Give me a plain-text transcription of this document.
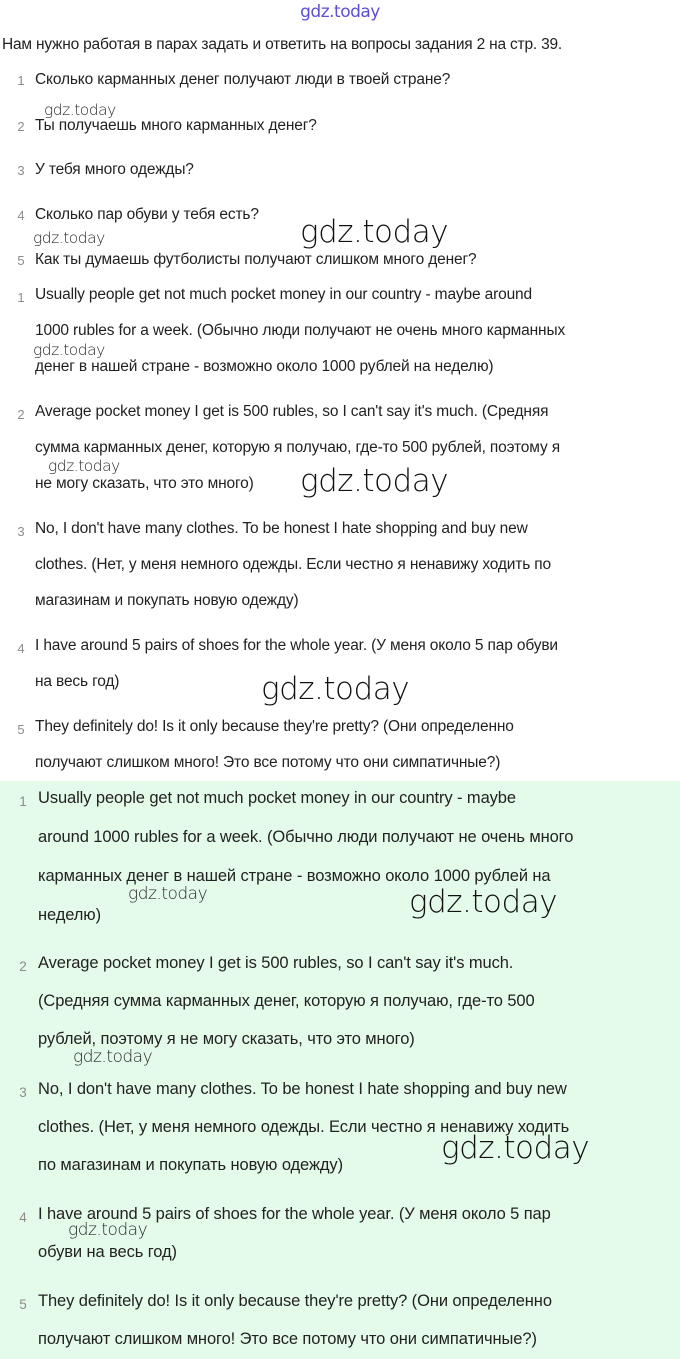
gdz.today
Нам нужно работая в парах задать и ответить на вопросы задания 2 на стр. 39.
1 Сколько карманных денег получают люди в твоей стране?
2 Ты получаешь много карманных денег?
3 У тебя много одежды?
4 Сколько пар обуви у тебя есть?
5 Как ты думаешь футболисты получают слишком много денег?
1 Usually people get not much pocket money in our country - maybe around
1000 rubles for a week. (Обычно люди получают не очень много карманных
денег в нашей стране - возможно около 1000 рублей на неделю)
2 Average pocket money I get is 500 rubles, so I can't say it's much. (Средняя
сумма карманных денег, которую я получаю, где-то 500 рублей, поэтому я
не могу сказать, что это много)
3 No, I don't have many clothes. To be honest I hate shopping and buy new
clothes. (Нет, у меня немного одежды. Если честно я ненавижу ходить по
магазинам и покупать новую одежду)
4 I have around 5 pairs of shoes for the whole year. (У меня около 5 пар обуви
на весь год)
5 They definitely do! Is it only because they're pretty? (Они определенно
получают слишком много! Это все потому что они симпатичные?)
1 Usually people get not much pocket money in our country - maybe
around 1000 rubles for a week. (Обычно люди получают не очень много
карманных денег в нашей стране - возможно около 1000 рублей на
неделю)
2 Average pocket money I get is 500 rubles, so I can't say it's much.
(Средняя сумма карманных денег, которую я получаю, где-то 500
рублей, поэтому я не могу сказать, что это много)
3 No, I don't have many clothes. To be honest I hate shopping and buy new
clothes. (Нет, у меня немного одежды. Если честно я ненавижу ходить
по магазинам и покупать новую одежду)
4 I have around 5 pairs of shoes for the whole year. (У меня около 5 пар
обуви на весь год)
5 They definitely do! Is it only because they're pretty? (Они определенно
получают слишком много! Это все потому что они симпатичные?)
gdz.today
gdz.today
gdz.today
gdz.today
gdz.today	gdz.today
gdz.today
gdz.today	gdz.today
gdz.today
gdz.today
gdz.today
